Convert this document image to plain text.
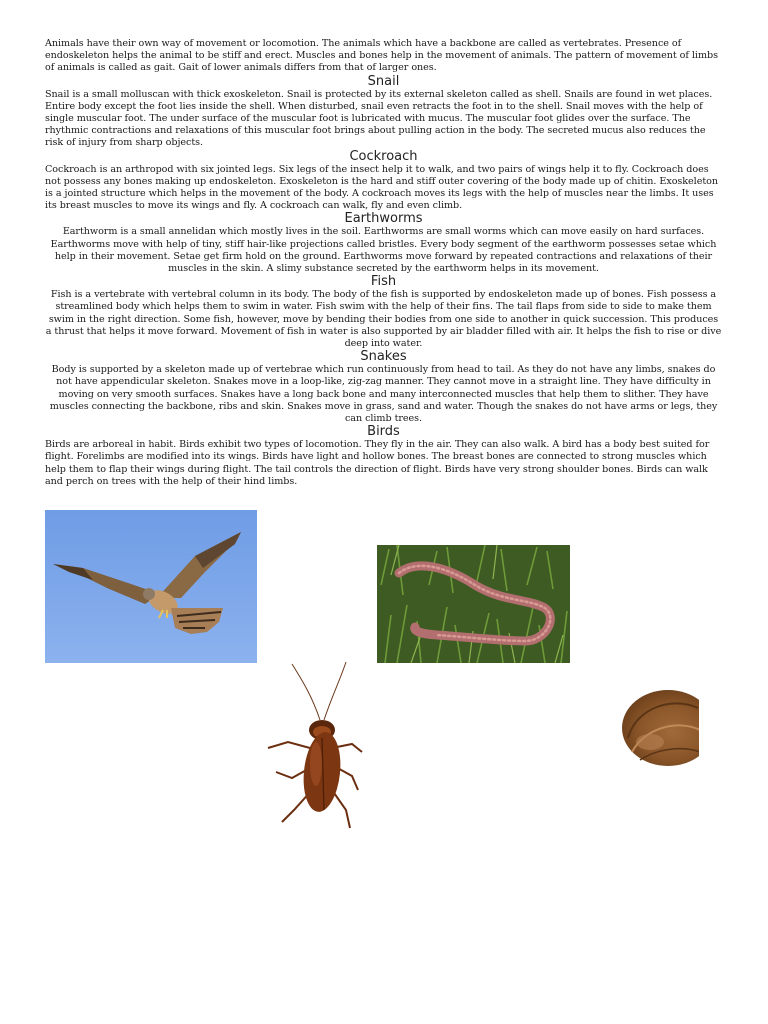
Animals have their own way of movement or locomotion. The animals which have a backbone are called as vertebrates. Presence of endoskeleton helps the animal to be stiff and erect. Muscles and bones help in the movement of animals. The pattern of movement of limbs of animals is called as gait. Gait of lower animals differs from that of larger ones.

Snail

Snail is a small molluscan with thick exoskeleton. Snail is protected by its external skeleton called as shell. Snails are found in wet places. Entire body except the foot lies inside the shell. When disturbed, snail even retracts the foot in to the shell. Snail moves with the help of single muscular foot. The under surface of the muscular foot is lubricated with mucus. The muscular foot glides over the surface. The rhythmic contractions and relaxations of this muscular foot brings about pulling action in the body. The secreted mucus also reduces the risk of injury from sharp objects.

Cockroach

Cockroach is an arthropod with six jointed legs. Six legs of the insect help it to walk, and two pairs of wings help it to fly. Cockroach does not possess any bones making up endoskeleton. Exoskeleton is the hard and stiff outer covering of the body made up of chitin. Exoskeleton is a jointed structure which helps in the movement of the body. A cockroach moves its legs with the help of muscles near the limbs. It uses its breast muscles to move its wings and fly. A cockroach can walk, fly and even climb.

Earthworms

Earthworm is a small annelidan which mostly lives in the soil. Earthworms are small worms which can move easily on hard surfaces. Earthworms move with help of tiny, stiff hair-like projections called bristles. Every body segment of the earthworm possesses setae which help in their movement. Setae get firm hold on the ground. Earthworms move forward by repeated contractions and relaxations of their muscles in the skin. A slimy substance secreted by the earthworm helps in its movement.

Fish

Fish is a vertebrate with vertebral column in its body. The body of the fish is supported by endoskeleton made up of bones. Fish possess a streamlined body which helps them to swim in water. Fish swim with the help of their fins. The tail flaps from side to side to make them swim in the right direction. Some fish, however, move by bending their bodies from one side to another in quick succession. This produces a thrust that helps it move forward. Movement of fish in water is also supported by air bladder filled with air. It helps the fish to rise or dive deep into water.

Snakes

Body is supported by a skeleton made up of vertebrae which run continuously from head to tail. As they do not have any limbs, snakes do not have appendicular skeleton. Snakes move in a loop-like, zig-zag manner. They cannot move in a straight line. They have difficulty in moving on very smooth surfaces. Snakes have a long back bone and many interconnected muscles that help them to slither. They have muscles connecting the backbone, ribs and skin. Snakes move in grass, sand and water. Though the snakes do not have arms or legs, they can climb trees.

Birds

Birds are arboreal in habit. Birds exhibit two types of locomotion. They fly in the air. They can also walk. A bird has a body best suited for flight. Forelimbs are modified into its wings. Birds have light and hollow bones. The breast bones are connected to strong muscles which help them to flap their wings during flight. The tail controls the direction of flight. Birds have very strong shoulder bones. Birds can walk and perch on trees with the help of their hind limbs.
